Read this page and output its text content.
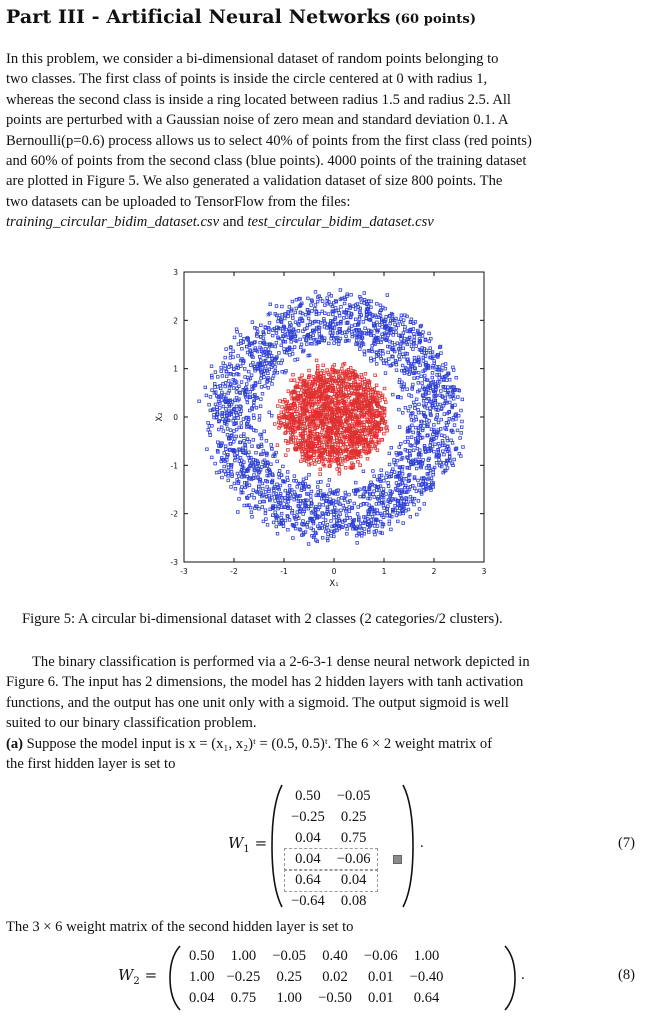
Part III - Artificial Neural Networks (60 points)
In this problem, we consider a bi-dimensional dataset of random points belonging to
two classes. The first class of points is inside the circle centered at 0 with radius 1,
whereas the second class is inside a ring located between radius 1.5 and radius 2.5. All
points are perturbed with a Gaussian noise of zero mean and standard deviation 0.1. A
Bernoulli(p=0.6) process allows us to select 40% of points from the first class (red points)
and 60% of points from the second class (blue points). 4000 points of the training dataset
are plotted in Figure 5. We also generated a validation dataset of size 800 points. The
two datasets can be uploaded to TensorFlow from the files:
training_circular_bidim_dataset.csv and test_circular_bidim_dataset.csv
-3	-2	-1	0	1	2	3
3
2
1
0
-1
-2
-3
X₁
X₂
Figure 5: A circular bi-dimensional dataset with 2 classes (2 categories/2 clusters).
The binary classification is performed via a 2-6-3-1 dense neural network depicted in
Figure 6. The input has 2 dimensions, the model has 2 hidden layers with tanh activation
functions, and the output has one unit only with a sigmoid. The output sigmoid is well
suited to our binary classification problem.
(a) Suppose the model input is x = (x₁, x₂)ᵗ = (0.5, 0.5)ᵗ. The 6 × 2 weight matrix of
the first hidden layer is set to
$W_1$ =
0.50	−0.05
−0.25	0.25
0.04	0.75
0.04	−0.06
0.64	0.04
−0.64	0.08
.	(7)
The 3 × 6 weight matrix of the second hidden layer is set to
$W_2$ =
0.50	1.00	−0.05	0.40	−0.06	1.00
1.00	−0.25	0.25	0.02	0.01	−0.40
0.04	0.75	1.00	−0.50	0.01	0.64
.	(8)
